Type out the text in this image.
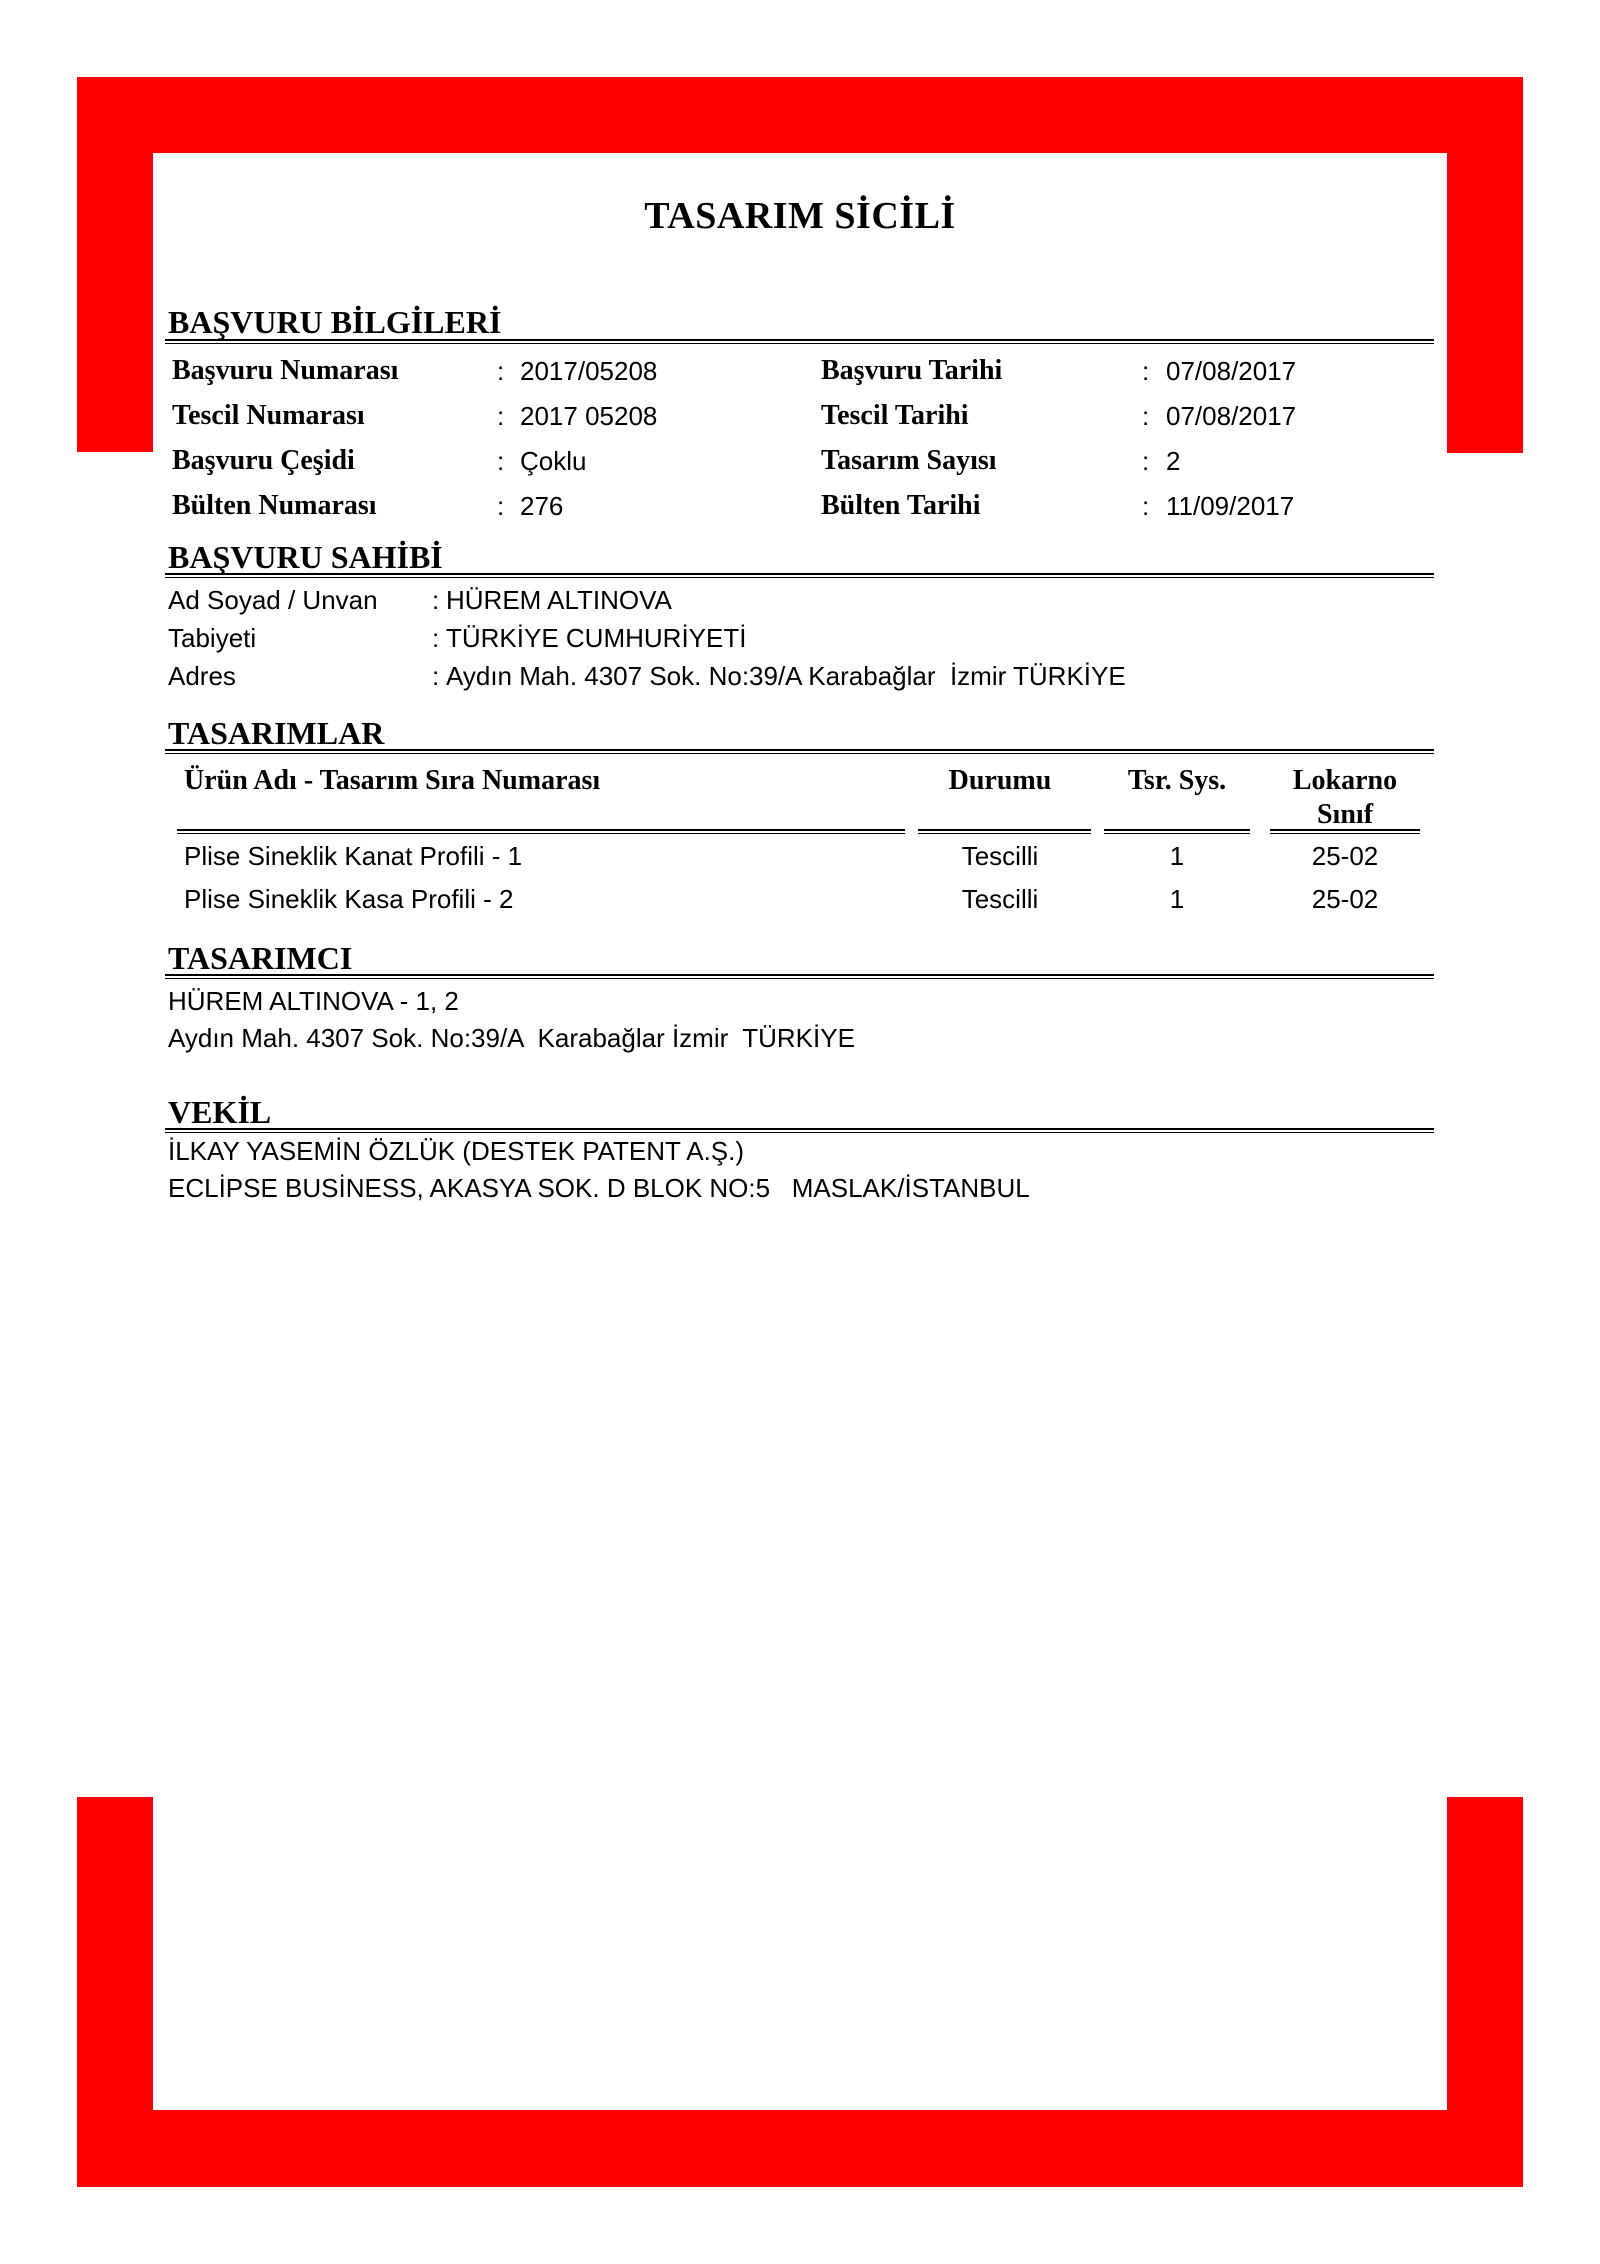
TASARIM SİCİLİ
BAŞVURU BİLGİLERİ
Başvuru Numarası	: 2017/05208	Başvuru Tarihi	: 07/08/2017
Tescil Numarası	: 2017 05208	Tescil Tarihi	: 07/08/2017
Başvuru Çeşidi	: Çoklu	Tasarım Sayısı	: 2
Bülten Numarası	: 276	Bülten Tarihi	: 11/09/2017
BAŞVURU SAHİBİ
Ad Soyad / Unvan : HÜREM ALTINOVA
Tabiyeti	: TÜRKİYE CUMHURİYETİ
Adres	: Aydın Mah. 4307 Sok. No:39/A Karabağlar  İzmir TÜRKİYE
TASARIMLAR
Ürün Adı - Tasarım Sıra Numarası	Durumu	Tsr. Sys.	Lokarno
Sınıf
Plise Sineklik Kanat Profili - 1	Tescilli	1	25-02
Plise Sineklik Kasa Profili - 2	Tescilli	1	25-02
TASARIMCI
HÜREM ALTINOVA - 1, 2
Aydın Mah. 4307 Sok. No:39/A  Karabağlar İzmir  TÜRKİYE
VEKİL
İLKAY YASEMİN ÖZLÜK (DESTEK PATENT A.Ş.)
ECLİPSE BUSİNESS, AKASYA SOK. D BLOK NO:5   MASLAK/İSTANBUL
